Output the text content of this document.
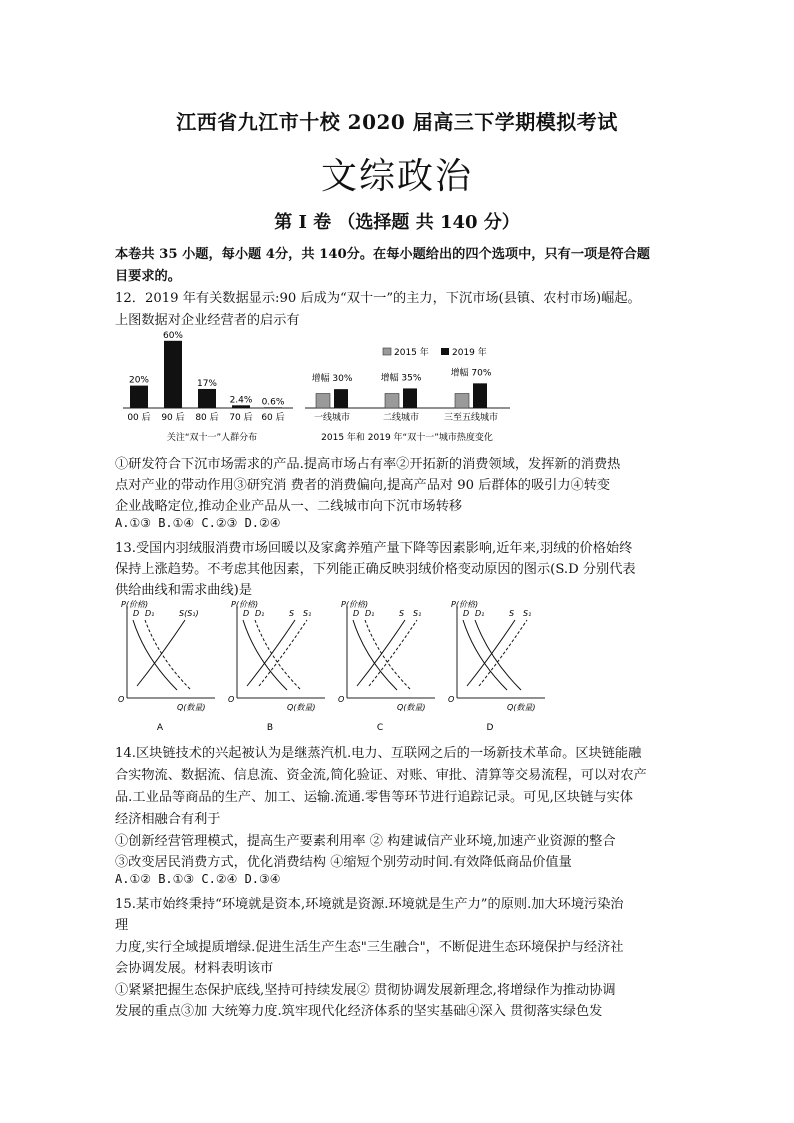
江西省九江市十校 2020 届高三下学期模拟考试
文综政治
第 I 卷 （选择题 共 140 分）
本卷共 35 小题，每小题 4分，共 140分。在每小题给出的四个选项中，只有一项是符合题
目要求的。
12．2019 年有关数据显示:90 后成为“双十一”的主力，下沉市场(县镇、农村市场)崛起。
上图数据对企业经营者的启示有
关注“双十一”人群分布
20%
00 后
60%
90 后
17%
80 后
2.4%
70 后
0.6%
60 后
2015 年	2019 年
2015 年和 2019 年“双十一”城市热度变化
增幅 30%
一线城市
增幅 35%
二线城市
增幅 70%
三至五线城市
①研发符合下沉市场需求的产品.提高市场占有率②开拓新的消费领域，发挥新的消费热
点对产业的带动作用③研究消 费者的消费偏向,提高产品对 90 后群体的吸引力④转变
企业战略定位,推动企业产品从一、二线城市向下沉市场转移
A.①③ B.①④ C.②③ D.②④
13.受国内羽绒服消费市场回暖以及家禽养殖产量下降等因素影响,近年来,羽绒的价格始终
保持上涨趋势。不考虑其他因素，下列能正确反映羽绒价格变动原因的图示(S.D 分别代表
供给曲线和需求曲线)是
P(价格)
Q(数量)
O
D D₁	S(S₁)
A
P(价格)
Q(数量)
O
D₁
D	S₁
S
B
P(价格)
Q(数量)
O
D D₁	S₁
S
C
P(价格)
Q(数量)
O
D D₁	S S₁
D
14.区块链技术的兴起被认为是继蒸汽机.电力、互联网之后的一场新技术革命。区块链能融
合实物流、数据流、信息流、资金流,简化验证、对账、审批、清算等交易流程，可以对农产
品.工业品等商品的生产、加工、运输.流通.零售等环节进行追踪记录。可见,区块链与实体
经济相融合有利于
①创新经营管理模式，提高生产要素利用率 ② 构建诚信产业环境,加速产业资源的整合
③改变居民消费方式，优化消费结构 ④缩短个别劳动时间.有效降低商品价值量
A.①② B.①③ C.②④ D.③④
15.某市始终秉持“环境就是资本,环境就是资源.环境就是生产力”的原则.加大环境污染治
理
力度,实行全域提质增绿.促进生活生产生态"三生融合"，不断促进生态环境保护与经济社
会协调发展。材料表明该市
①紧紧把握生态保护底线,坚持可持续发展② 贯彻协调发展新理念,将增绿作为推动协调
发展的重点③加 大统筹力度.筑牢现代化经济体系的坚实基础④深入 贯彻落实绿色发
